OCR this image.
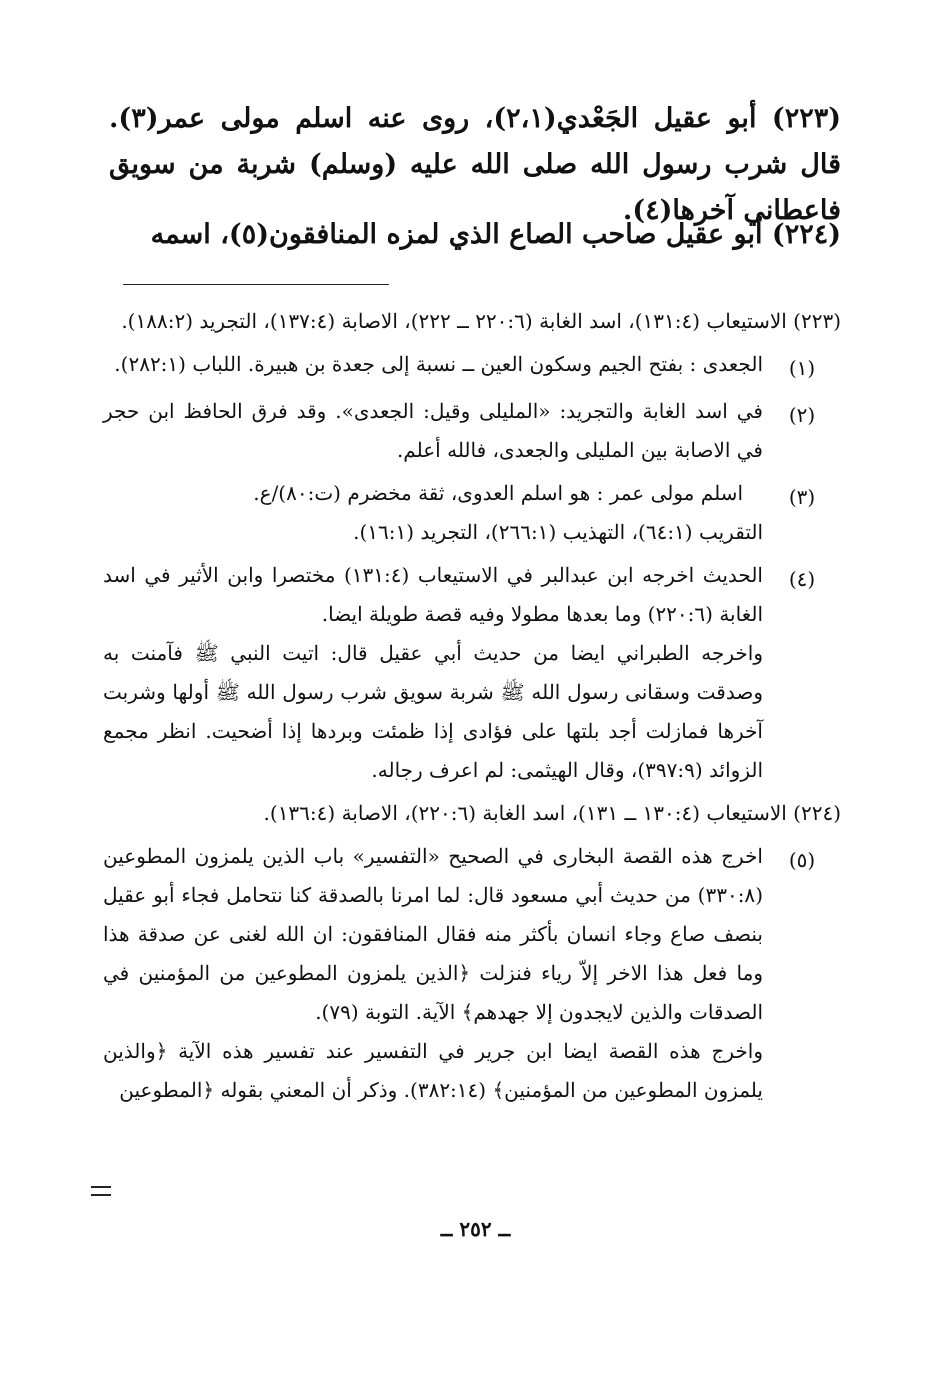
(٢٢٣) أبو عقيل الجَعْدي(٢،١)، روى عنه اسلم مولى عمر(٣). قال شرب رسول الله صلى الله عليه (وسلم) شربة من سويق فاعطاني آخرها(٤).
(٢٢٤) أبو عقيل صاحب الصاع الذي لمزه المنافقون(٥)، اسمه
(٢٢٣) الاستيعاب (١٣١:٤)، اسد الغابة (٢٢٠:٦ ــ ٢٢٢)، الاصابة (١٣٧:٤)، التجريد (١٨٨:٢).
(١)

الجعدى : بفتح الجيم وسكون العين ــ نسبة إلى جعدة بن هبيرة. اللباب (٢٨٢:١).

(٢)

في اسد الغابة والتجريد: «المليلى وقيل: الجعدى». وقد فرق الحافظ ابن حجر في الاصابة بين المليلى والجعدى، فالله أعلم.

(٣)

اسلم مولى عمر : هو اسلم العدوى، ثقة مخضرم (ت:٨٠)/ع.

التقريب (٦٤:١)، التهذيب (٢٦٦:١)، التجريد (١٦:١).

(٤)

الحديث اخرجه ابن عبدالبر في الاستيعاب (١٣١:٤) مختصرا وابن الأثير في اسد الغابة (٢٢٠:٦) وما بعدها مطولا وفيه قصة طويلة ايضا.

واخرجه الطبراني ايضا من حديث أبي عقيل قال: اتيت النبي ﷺ فآمنت به وصدقت وسقانى رسول الله ﷺ شربة سويق شرب رسول الله ﷺ أولها وشربت آخرها فمازلت أجد بلتها على فؤادى إذا ظمئت وبردها إذا أضحيت. انظر مجمع الزوائد (٣٩٧:٩)، وقال الهيثمى: لم اعرف رجاله.

(٢٢٤) الاستيعاب (١٣٠:٤ ــ ١٣١)، اسد الغابة (٢٢٠:٦)، الاصابة (١٣٦:٤).
(٥)

اخرج هذه القصة البخارى في الصحيح «التفسير» باب الذين يلمزون المطوعين (٣٣٠:٨) من حديث أبي مسعود قال: لما امرنا بالصدقة كنا نتحامل فجاء أبو عقيل بنصف صاع وجاء انسان بأكثر منه فقال المنافقون: ان الله لغنى عن صدقة هذا وما فعل هذا الاخر إلاّ رياء فنزلت ﴿الذين يلمزون المطوعين من المؤمنين في الصدقات والذين لايجدون إلا جهدهم﴾ الآية. التوبة (٧٩).

واخرج هذه القصة ايضا ابن جرير في التفسير عند تفسير هذه الآية ﴿والذين يلمزون المطوعين من المؤمنين﴾ (٣٨٢:١٤). وذكر أن المعني بقوله ﴿المطوعين

ــ ٢٥٢ ــ
